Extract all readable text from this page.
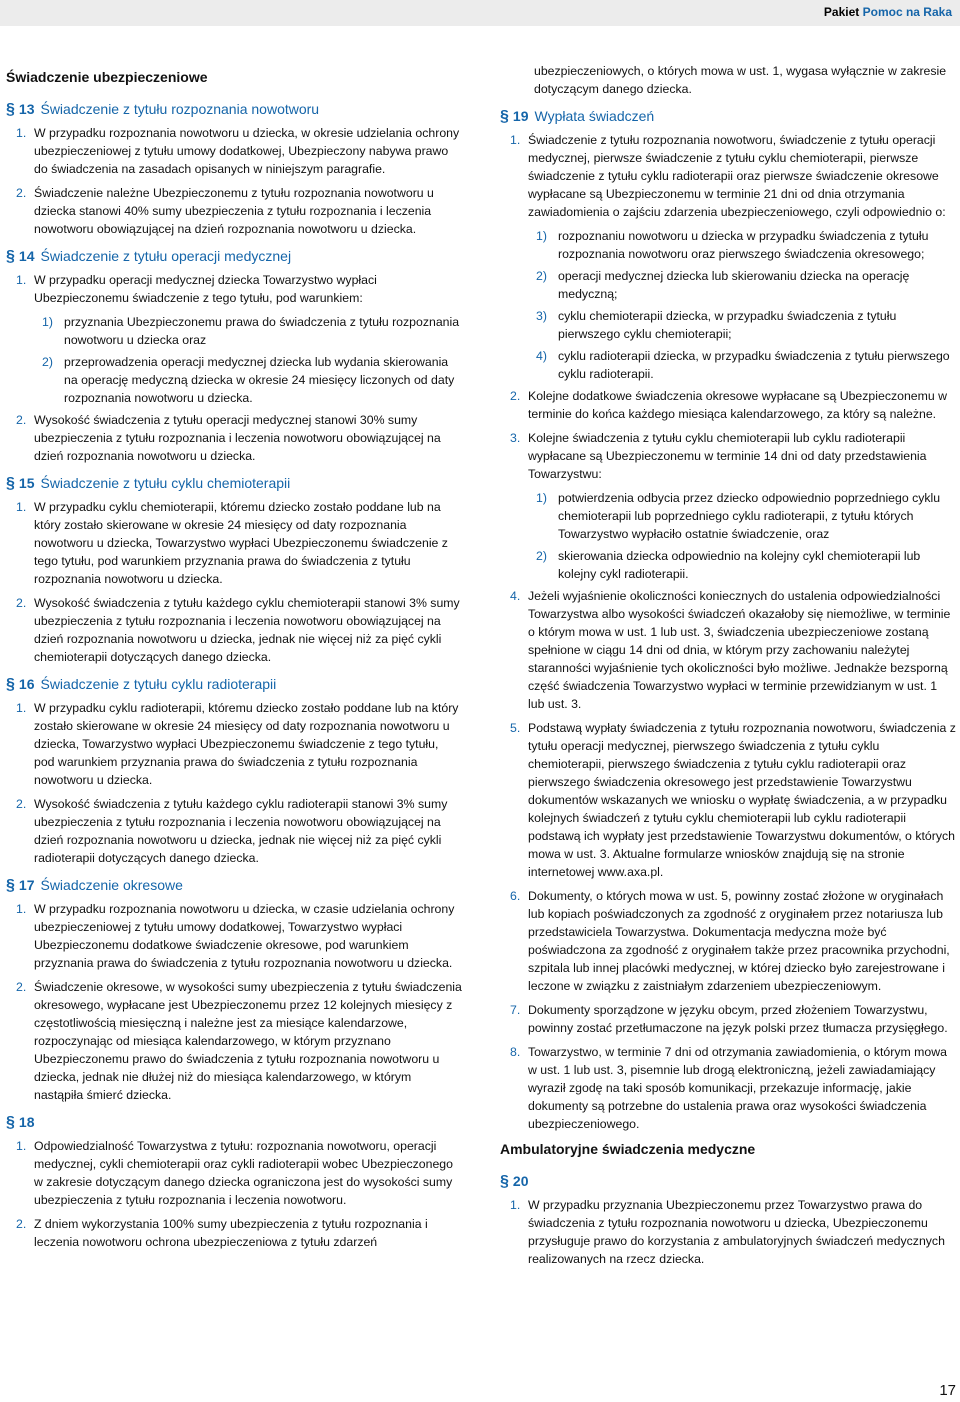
Pakiet Pomoc na Raka
Świadczenie ubezpieczeniowe
§ 13 Świadczenie z tytułu rozpoznania nowotworu
1. W przypadku rozpoznania nowotworu u dziecka, w okresie udzielania ochrony ubezpieczeniowej z tytułu umowy dodatkowej, Ubezpieczony nabywa prawo do świadczenia na zasadach opisanych w niniejszym paragrafie.
2. Świadczenie należne Ubezpieczonemu z tytułu rozpoznania nowotworu u dziecka stanowi 40% sumy ubezpieczenia z tytułu rozpoznania i leczenia nowotworu obowiązującej na dzień rozpoznania nowotworu u dziecka.
§ 14 Świadczenie z tytułu operacji medycznej
1. W przypadku operacji medycznej dziecka Towarzystwo wypłaci Ubezpieczonemu świadczenie z tego tytułu, pod warunkiem:
1) przyznania Ubezpieczonemu prawa do świadczenia z tytułu rozpoznania nowotworu u dziecka oraz
2) przeprowadzenia operacji medycznej dziecka lub wydania skierowania na operację medyczną dziecka w okresie 24 miesięcy liczonych od daty rozpoznania nowotworu u dziecka.
2. Wysokość świadczenia z tytułu operacji medycznej stanowi 30% sumy ubezpieczenia z tytułu rozpoznania i leczenia nowotworu obowiązującej na dzień rozpoznania nowotworu u dziecka.
§ 15 Świadczenie z tytułu cyklu chemioterapii
1. W przypadku cyklu chemioterapii, któremu dziecko zostało poddane lub na który zostało skierowane w okresie 24 miesięcy od daty rozpoznania nowotworu u dziecka, Towarzystwo wypłaci Ubezpieczonemu świadczenie z tego tytułu, pod warunkiem przyznania prawa do świadczenia z tytułu rozpoznania nowotworu u dziecka.
2. Wysokość świadczenia z tytułu każdego cyklu chemioterapii stanowi 3% sumy ubezpieczenia z tytułu rozpoznania i leczenia nowotworu obowiązującej na dzień rozpoznania nowotworu u dziecka, jednak nie więcej niż za pięć cykli chemioterapii dotyczących danego dziecka.
§ 16 Świadczenie z tytułu cyklu radioterapii
1. W przypadku cyklu radioterapii, któremu dziecko zostało poddane lub na który zostało skierowane w okresie 24 miesięcy od daty rozpoznania nowotworu u dziecka, Towarzystwo wypłaci Ubezpieczonemu świadczenie z tego tytułu, pod warunkiem przyznania prawa do świadczenia z tytułu rozpoznania nowotworu u dziecka.
2. Wysokość świadczenia z tytułu każdego cyklu radioterapii stanowi 3% sumy ubezpieczenia z tytułu rozpoznania i leczenia nowotworu obowiązującej na dzień rozpoznania nowotworu u dziecka, jednak nie więcej niż za pięć cykli radioterapii dotyczących danego dziecka.
§ 17 Świadczenie okresowe
1. W przypadku rozpoznania nowotworu u dziecka, w czasie udzielania ochrony ubezpieczeniowej z tytułu umowy dodatkowej, Towarzystwo wypłaci Ubezpieczonemu dodatkowe świadczenie okresowe, pod warunkiem przyznania prawa do świadczenia z tytułu rozpoznania nowotworu u dziecka.
2. Świadczenie okresowe, w wysokości sumy ubezpieczenia z tytułu świadczenia okresowego, wypłacane jest Ubezpieczonemu przez 12 kolejnych miesięcy z częstotliwością miesięczną i należne jest za miesiące kalendarzowe, rozpoczynając od miesiąca kalendarzowego, w którym przyznano Ubezpieczonemu prawo do świadczenia z tytułu rozpoznania nowotworu u dziecka, jednak nie dłużej niż do miesiąca kalendarzowego, w którym nastąpiła śmierć dziecka.
§ 18
1. Odpowiedzialność Towarzystwa z tytułu: rozpoznania nowotworu, operacji medycznej, cykli chemioterapii oraz cykli radioterapii wobec Ubezpieczonego w zakresie dotyczącym danego dziecka ograniczona jest do wysokości sumy ubezpieczenia z tytułu rozpoznania i leczenia nowotworu.
2. Z dniem wykorzystania 100% sumy ubezpieczenia z tytułu rozpoznania i leczenia nowotworu ochrona ubezpieczeniowa z tytułu zdarzeń
ubezpieczeniowych, o których mowa w ust. 1, wygasa wyłącznie w zakresie dotyczącym danego dziecka.
§ 19 Wypłata świadczeń
1. Świadczenie z tytułu rozpoznania nowotworu, świadczenie z tytułu operacji medycznej, pierwsze świadczenie z tytułu cyklu chemioterapii, pierwsze świadczenie z tytułu cyklu radioterapii oraz pierwsze świadczenie okresowe wypłacane są Ubezpieczonemu w terminie 21 dni od dnia otrzymania zawiadomienia o zajściu zdarzenia ubezpieczeniowego, czyli odpowiednio o:
1) rozpoznaniu nowotworu u dziecka w przypadku świadczenia z tytułu rozpoznania nowotworu oraz pierwszego świadczenia okresowego;
2) operacji medycznej dziecka lub skierowaniu dziecka na operację medyczną;
3) cyklu chemioterapii dziecka, w przypadku świadczenia z tytułu pierwszego cyklu chemioterapii;
4) cyklu radioterapii dziecka, w przypadku świadczenia z tytułu pierwszego cyklu radioterapii.
2. Kolejne dodatkowe świadczenia okresowe wypłacane są Ubezpieczonemu w terminie do końca każdego miesiąca kalendarzowego, za który są należne.
3. Kolejne świadczenia z tytułu cyklu chemioterapii lub cyklu radioterapii wypłacane są Ubezpieczonemu w terminie 14 dni od daty przedstawienia Towarzystwu:
1) potwierdzenia odbycia przez dziecko odpowiednio poprzedniego cyklu chemioterapii lub poprzedniego cyklu radioterapii, z tytułu których Towarzystwo wypłaciło ostatnie świadczenie, oraz
2) skierowania dziecka odpowiednio na kolejny cykl chemioterapii lub kolejny cykl radioterapii.
4. Jeżeli wyjaśnienie okoliczności koniecznych do ustalenia odpowiedzialności Towarzystwa albo wysokości świadczeń okazałoby się niemożliwe, w terminie o którym mowa w ust. 1 lub ust. 3, świadczenia ubezpieczeniowe zostaną spełnione w ciągu 14 dni od dnia, w którym przy zachowaniu należytej staranności wyjaśnienie tych okoliczności było możliwe. Jednakże bezsporną część świadczenia Towarzystwo wypłaci w terminie przewidzianym w ust. 1 lub ust. 3.
5. Podstawą wypłaty świadczenia z tytułu rozpoznania nowotworu, świadczenia z tytułu operacji medycznej, pierwszego świadczenia z tytułu cyklu chemioterapii, pierwszego świadczenia z tytułu cyklu radioterapii oraz pierwszego świadczenia okresowego jest przedstawienie Towarzystwu dokumentów wskazanych we wniosku o wypłatę świadczenia, a w przypadku kolejnych świadczeń z tytułu cyklu chemioterapii lub cyklu radioterapii podstawą ich wypłaty jest przedstawienie Towarzystwu dokumentów, o których mowa w ust. 3. Aktualne formularze wniosków znajdują się na stronie internetowej www.axa.pl.
6. Dokumenty, o których mowa w ust. 5, powinny zostać złożone w oryginałach lub kopiach poświadczonych za zgodność z oryginałem przez notariusza lub przedstawiciela Towarzystwa. Dokumentacja medyczna może być poświadczona za zgodność z oryginałem także przez pracownika przychodni, szpitala lub innej placówki medycznej, w której dziecko było zarejestrowane i leczone w związku z zaistniałym zdarzeniem ubezpieczeniowym.
7. Dokumenty sporządzone w języku obcym, przed złożeniem Towarzystwu, powinny zostać przetłumaczone na język polski przez tłumacza przysięgłego.
8. Towarzystwo, w terminie 7 dni od otrzymania zawiadomienia, o którym mowa w ust. 1 lub ust. 3, pisemnie lub drogą elektroniczną, jeżeli zawiadamiający wyraził zgodę na taki sposób komunikacji, przekazuje informację, jakie dokumenty są potrzebne do ustalenia prawa oraz wysokości świadczenia ubezpieczeniowego.
Ambulatoryjne świadczenia medyczne
§ 20
1. W przypadku przyznania Ubezpieczonemu przez Towarzystwo prawa do świadczenia z tytułu rozpoznania nowotworu u dziecka, Ubezpieczonemu przysługuje prawo do korzystania z ambulatoryjnych świadczeń medycznych realizowanych na rzecz dziecka.
17
